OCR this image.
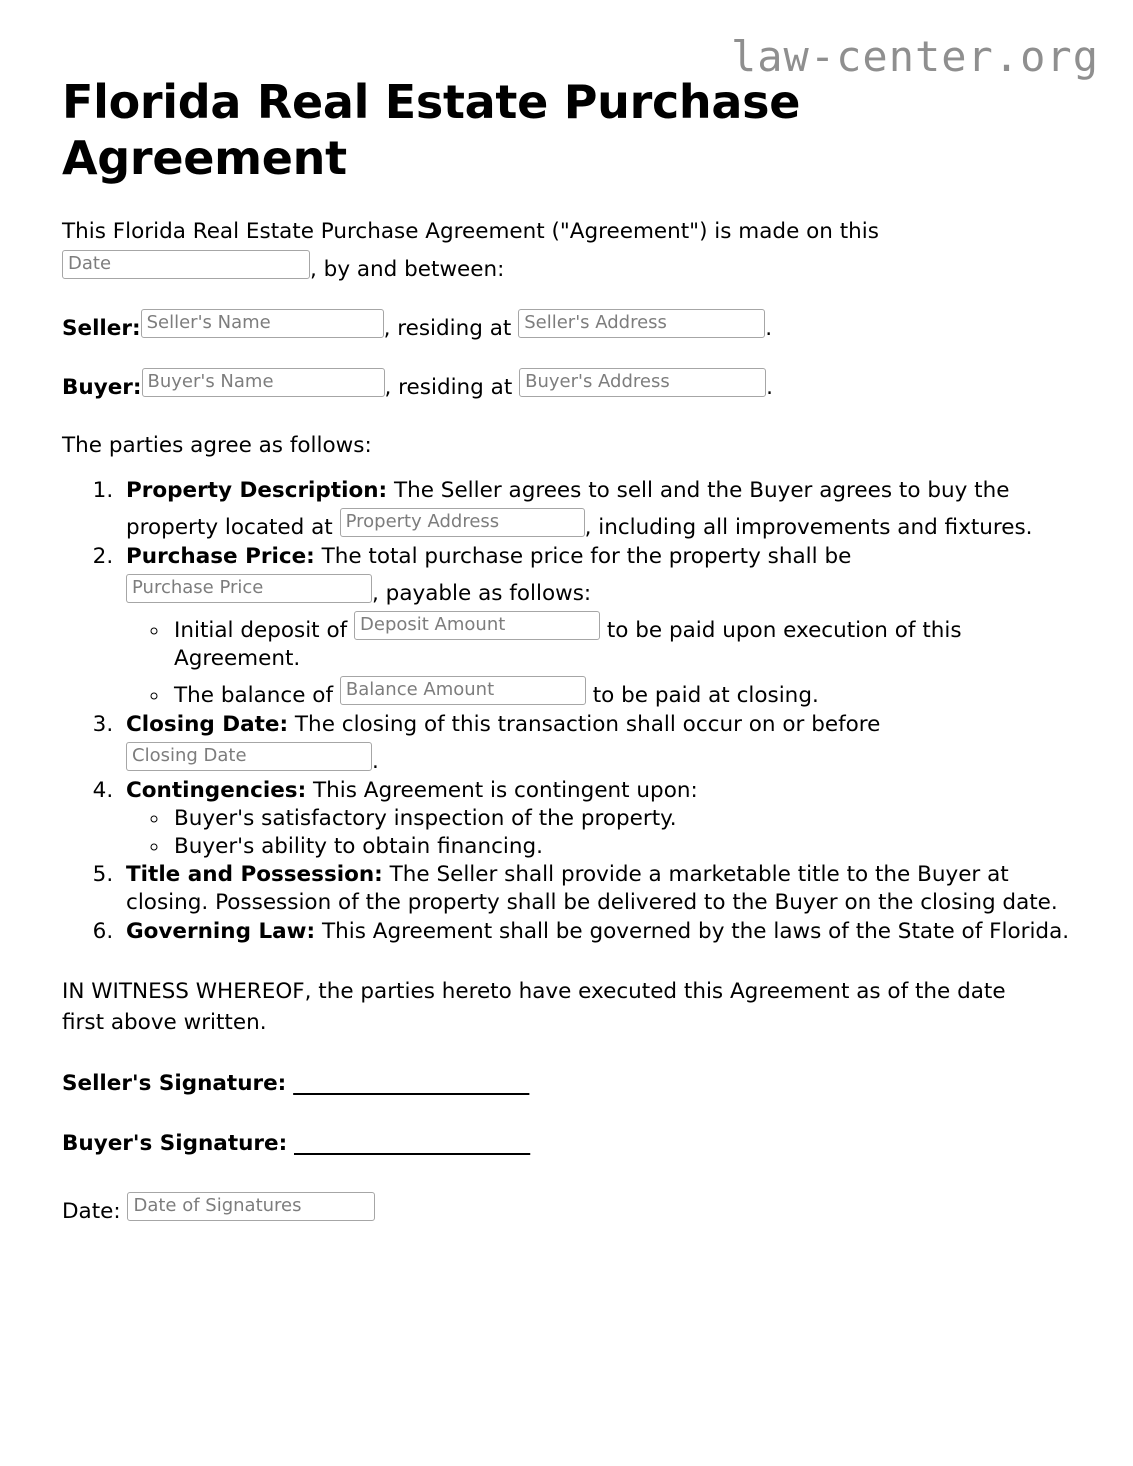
law-center.org
Florida Real Estate Purchase Agreement

This Florida Real Estate Purchase Agreement ("Agreement") is made on this
Date	, by and between:

Seller: Seller's Name	, residing at Seller's Address	.
Buyer: Buyer's Name	, residing at Buyer's Address	.

The parties agree as follows:

1. Property Description: The Seller agrees to sell and the Buyer agrees to buy the property located at Property Address	, including all improvements and fixtures.
2. Purchase Price: The total purchase price for the property shall be
Purchase Price	, payable as follows:
◦ Initial deposit of Deposit Amount	to be paid upon execution of this Agreement.
◦ The balance of Balance Amount	to be paid at closing.
3. Closing Date: The closing of this transaction shall occur on or before
Closing Date	.
4. Contingencies: This Agreement is contingent upon:
◦ Buyer's satisfactory inspection of the property.
◦ Buyer's ability to obtain financing.
5. Title and Possession: The Seller shall provide a marketable title to the Buyer at closing. Possession of the property shall be delivered to the Buyer on the closing date.
6. Governing Law: This Agreement shall be governed by the laws of the State of Florida.

IN WITNESS WHEREOF, the parties hereto have executed this Agreement as of the date first above written.

Seller's Signature: _______________________
Buyer's Signature: _______________________
Date: Date of Signatures
